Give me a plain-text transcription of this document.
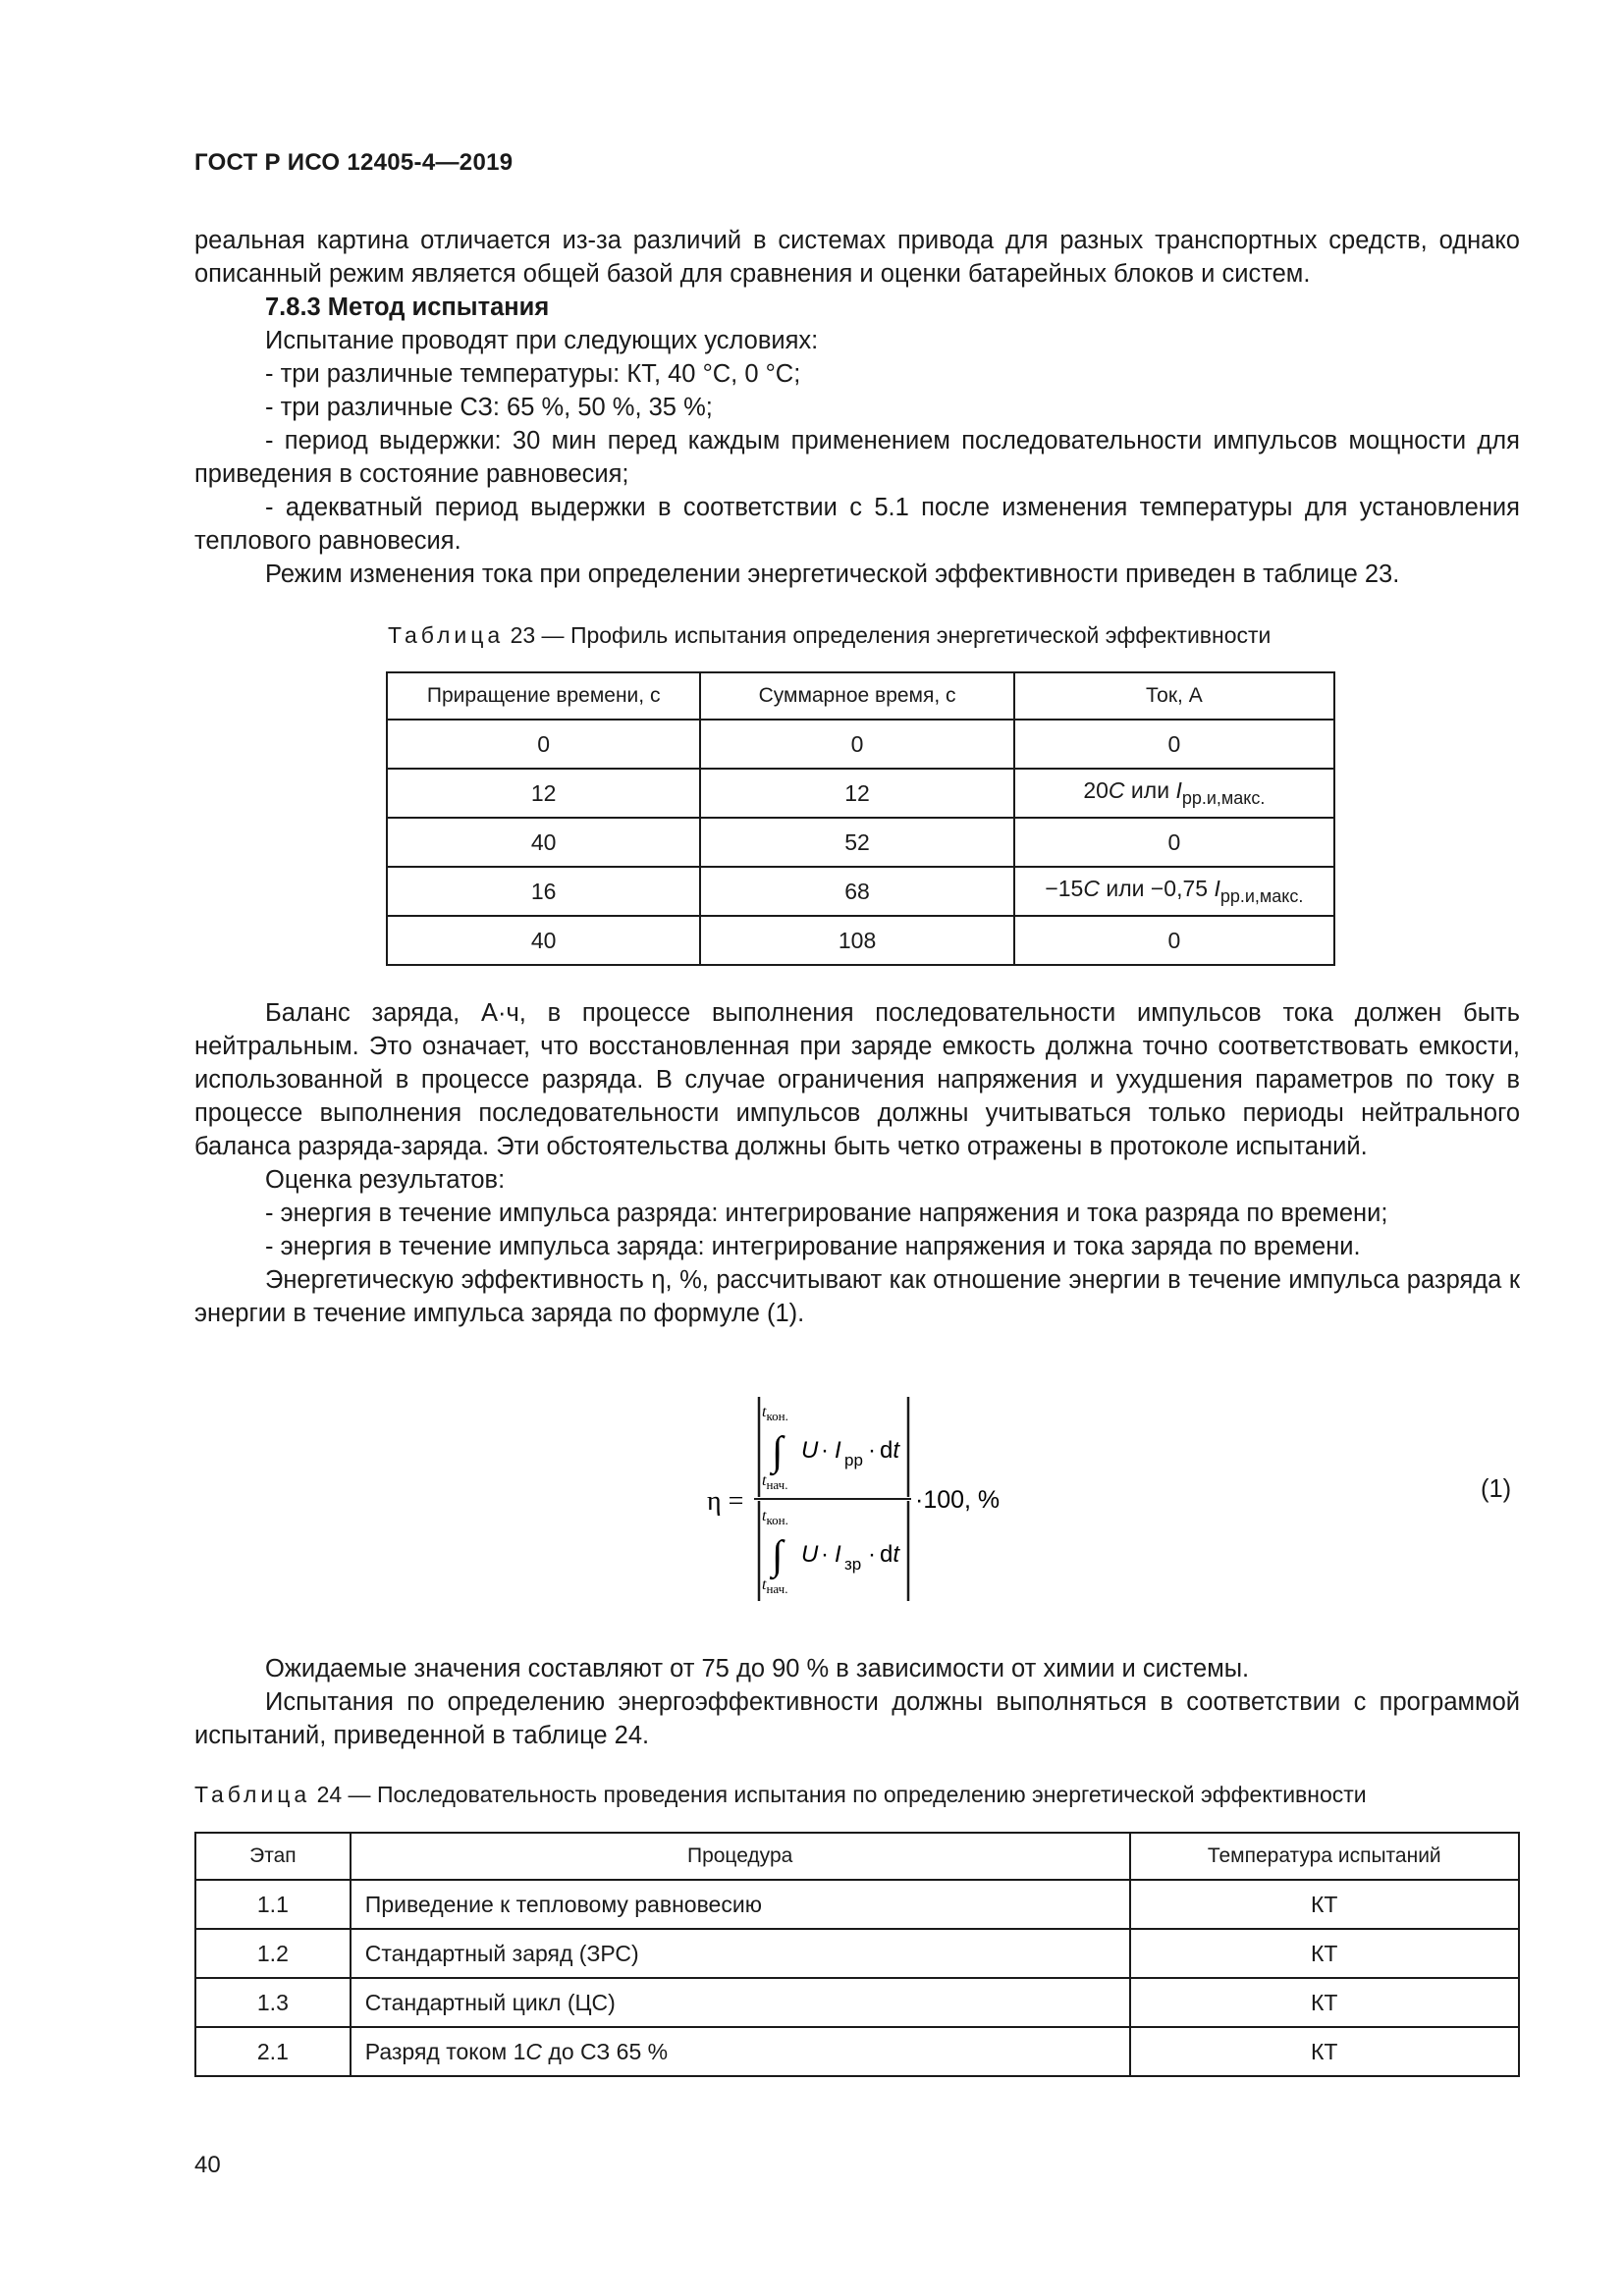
ГОСТ Р ИСО 12405-4—2019

реальная картина отличается из-за различий в системах привода для разных транспортных средств, однако описанный режим является общей базой для сравнения и оценки батарейных блоков и систем.

7.8.3 Метод испытания

Испытание проводят при следующих условиях:

- три различные температуры: КТ, 40 °С, 0 °С;

- три различные СЗ: 65 %, 50 %, 35 %;

- период выдержки: 30 мин перед каждым применением последовательности импульсов мощности для приведения в состояние равновесия;

- адекватный период выдержки в соответствии с 5.1 после изменения температуры для установления теплового равновесия.

Режим изменения тока при определении энергетической эффективности приведен в таблице 23.

Таблица 23 — Профиль испытания определения энергетической эффективности
Приращение времени, с	Суммарное время, с	Ток, А
0	0	0
12	12	20C или $I_{рр.и,макс.}$
40	52	0
16	68	−15C или −0,75 $I_{рр.и,макс.}$
40	108	0

Баланс заряда, А·ч, в процессе выполнения последовательности импульсов тока должен быть нейтральным. Это означает, что восстановленная при заряде емкость должна точно соответствовать емкости, использованной в процессе разряда. В случае ограничения напряжения и ухудшения параметров по току в процессе выполнения последовательности импульсов должны учитываться только периоды нейтрального баланса разряда-заряда. Эти обстоятельства должны быть четко отражены в протоколе испытаний.

Оценка результатов:

- энергия в течение импульса разряда: интегрирование напряжения и тока разряда по времени;

- энергия в течение импульса заряда: интегрирование напряжения и тока заряда по времени.

Энергетическую эффективность η, %, рассчитывают как отношение энергии в течение импульса разряда к энергии в течение импульса заряда по формуле (1).

η =
$t_{кон.}$
∫ U · I рр · dt
$t_{нач.}$
$t_{кон.}$
∫ U · I зр · dt
$t_{нач.}$
·100, %	(1)

Ожидаемые значения составляют от 75 до 90 % в зависимости от химии и системы.

Испытания по определению энергоэффективности должны выполняться в соответствии с программой испытаний, приведенной в таблице 24.

Таблица 24 — Последовательность проведения испытания по определению энергетической эффективности
Этап	Процедура	Температура испытаний
1.1	Приведение к тепловому равновесию	КТ
1.2	Стандартный заряд (ЗРС)	КТ
1.3	Стандартный цикл (ЦС)	КТ
2.1	Разряд током 1C до СЗ 65 %	КТ
40
